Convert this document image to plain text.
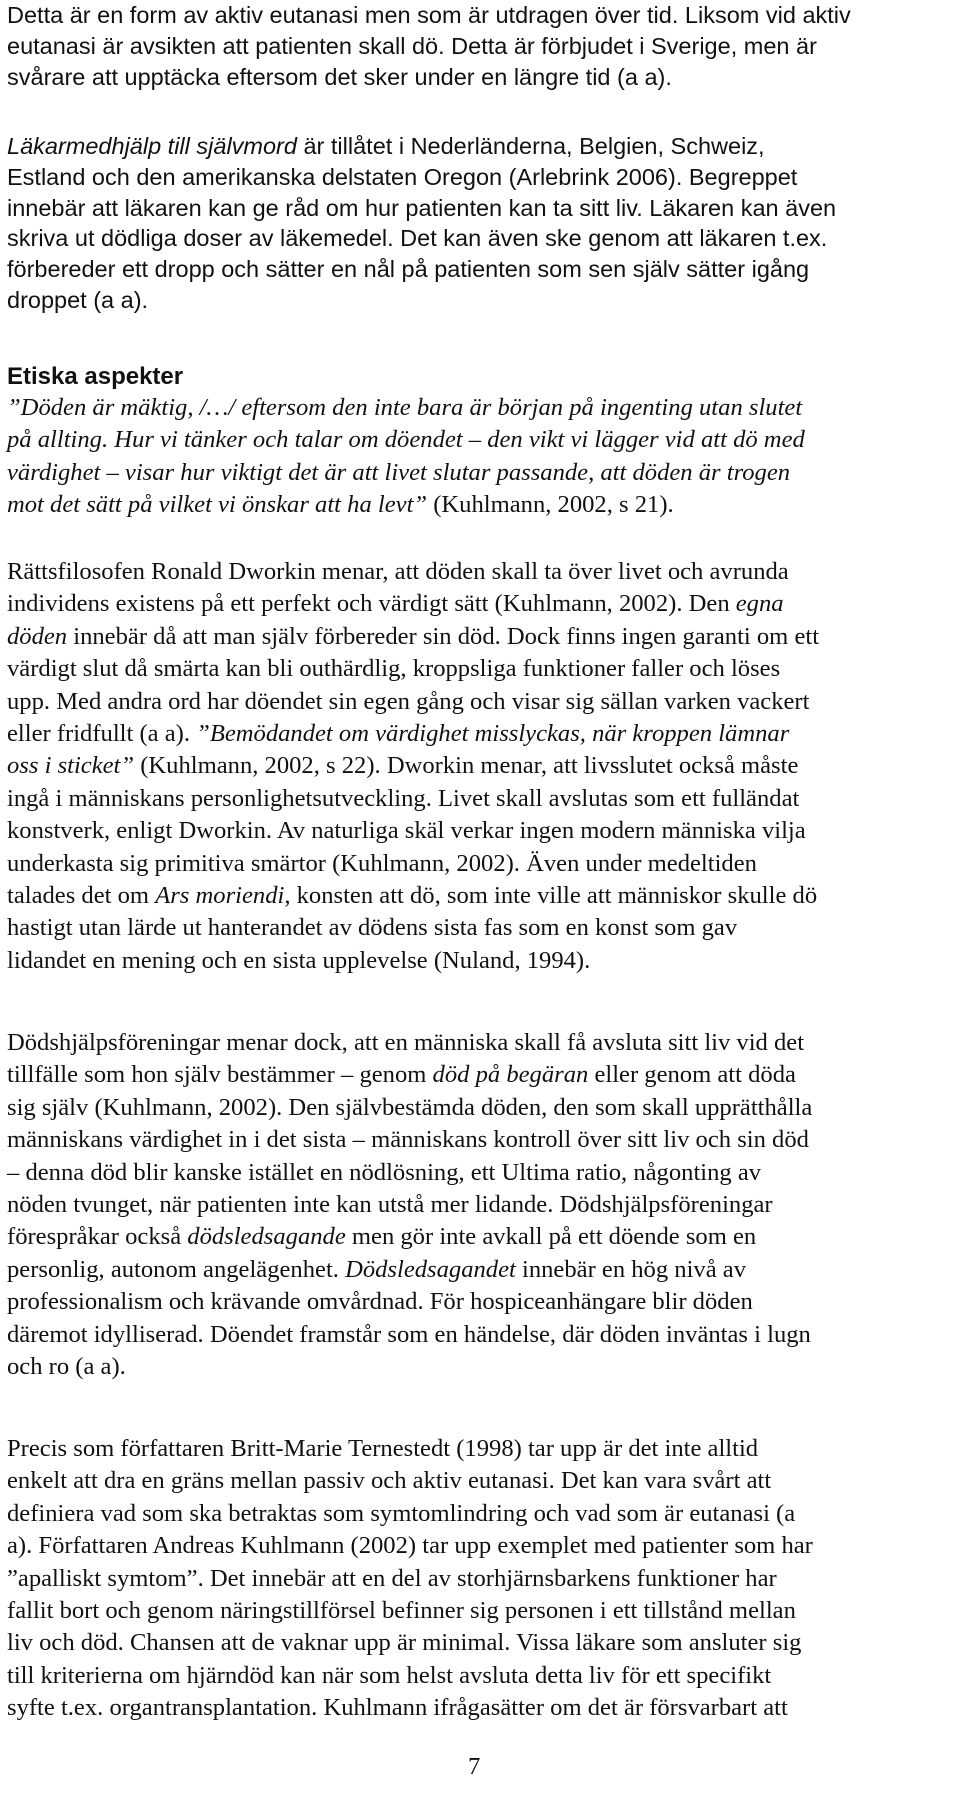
Detta är en form av aktiv eutanasi men som är utdragen över tid. Liksom vid aktiv
eutanasi är avsikten att patienten skall dö. Detta är förbjudet i Sverige, men är
svårare att upptäcka eftersom det sker under en längre tid (a a).

Läkarmedhjälp till självmord är tillåtet i Nederländerna, Belgien, Schweiz,
Estland och den amerikanska delstaten Oregon (Arlebrink 2006). Begreppet
innebär att läkaren kan ge råd om hur patienten kan ta sitt liv. Läkaren kan även
skriva ut dödliga doser av läkemedel. Det kan även ske genom att läkaren t.ex.
förbereder ett dropp och sätter en nål på patienten som sen själv sätter igång
droppet (a a).

Etiska aspekter

”Döden är mäktig, /…/ eftersom den inte bara är början på ingenting utan slutet
på allting. Hur vi tänker och talar om döendet – den vikt vi lägger vid att dö med
värdighet – visar hur viktigt det är att livet slutar passande, att döden är trogen
mot det sätt på vilket vi önskar att ha levt” (Kuhlmann, 2002, s 21).

Rättsfilosofen Ronald Dworkin menar, att döden skall ta över livet och avrunda
individens existens på ett perfekt och värdigt sätt (Kuhlmann, 2002). Den egna
döden innebär då att man själv förbereder sin död. Dock finns ingen garanti om ett
värdigt slut då smärta kan bli outhärdlig, kroppsliga funktioner faller och löses
upp. Med andra ord har döendet sin egen gång och visar sig sällan varken vackert
eller fridfullt (a a). ”Bemödandet om värdighet misslyckas, när kroppen lämnar
oss i sticket” (Kuhlmann, 2002, s 22). Dworkin menar, att livsslutet också måste
ingå i människans personlighetsutveckling. Livet skall avslutas som ett fulländat
konstverk, enligt Dworkin. Av naturliga skäl verkar ingen modern människa vilja
underkasta sig primitiva smärtor (Kuhlmann, 2002). Även under medeltiden
talades det om Ars moriendi, konsten att dö, som inte ville att människor skulle dö
hastigt utan lärde ut hanterandet av dödens sista fas som en konst som gav
lidandet en mening och en sista upplevelse (Nuland, 1994).

Dödshjälpsföreningar menar dock, att en människa skall få avsluta sitt liv vid det
tillfälle som hon själv bestämmer – genom död på begäran eller genom att döda
sig själv (Kuhlmann, 2002). Den självbestämda döden, den som skall upprätthålla
människans värdighet in i det sista – människans kontroll över sitt liv och sin död
– denna död blir kanske istället en nödlösning, ett Ultima ratio, någonting av
nöden tvunget, när patienten inte kan utstå mer lidande. Dödshjälpsföreningar
förespråkar också dödsledsagande men gör inte avkall på ett döende som en
personlig, autonom angelägenhet. Dödsledsagandet innebär en hög nivå av
professionalism och krävande omvårdnad. För hospiceanhängare blir döden
däremot idylliserad. Döendet framstår som en händelse, där döden inväntas i lugn
och ro (a a).

Precis som författaren Britt-Marie Ternestedt (1998) tar upp är det inte alltid
enkelt att dra en gräns mellan passiv och aktiv eutanasi. Det kan vara svårt att
definiera vad som ska betraktas som symtomlindring och vad som är eutanasi (a
a). Författaren Andreas Kuhlmann (2002) tar upp exemplet med patienter som har
”apalliskt symtom”. Det innebär att en del av storhjärnsbarkens funktioner har
fallit bort och genom näringstillförsel befinner sig personen i ett tillstånd mellan
liv och död. Chansen att de vaknar upp är minimal. Vissa läkare som ansluter sig
till kriterierna om hjärndöd kan när som helst avsluta detta liv för ett specifikt
syfte t.ex. organtransplantation. Kuhlmann ifrågasätter om det är försvarbart att

7
